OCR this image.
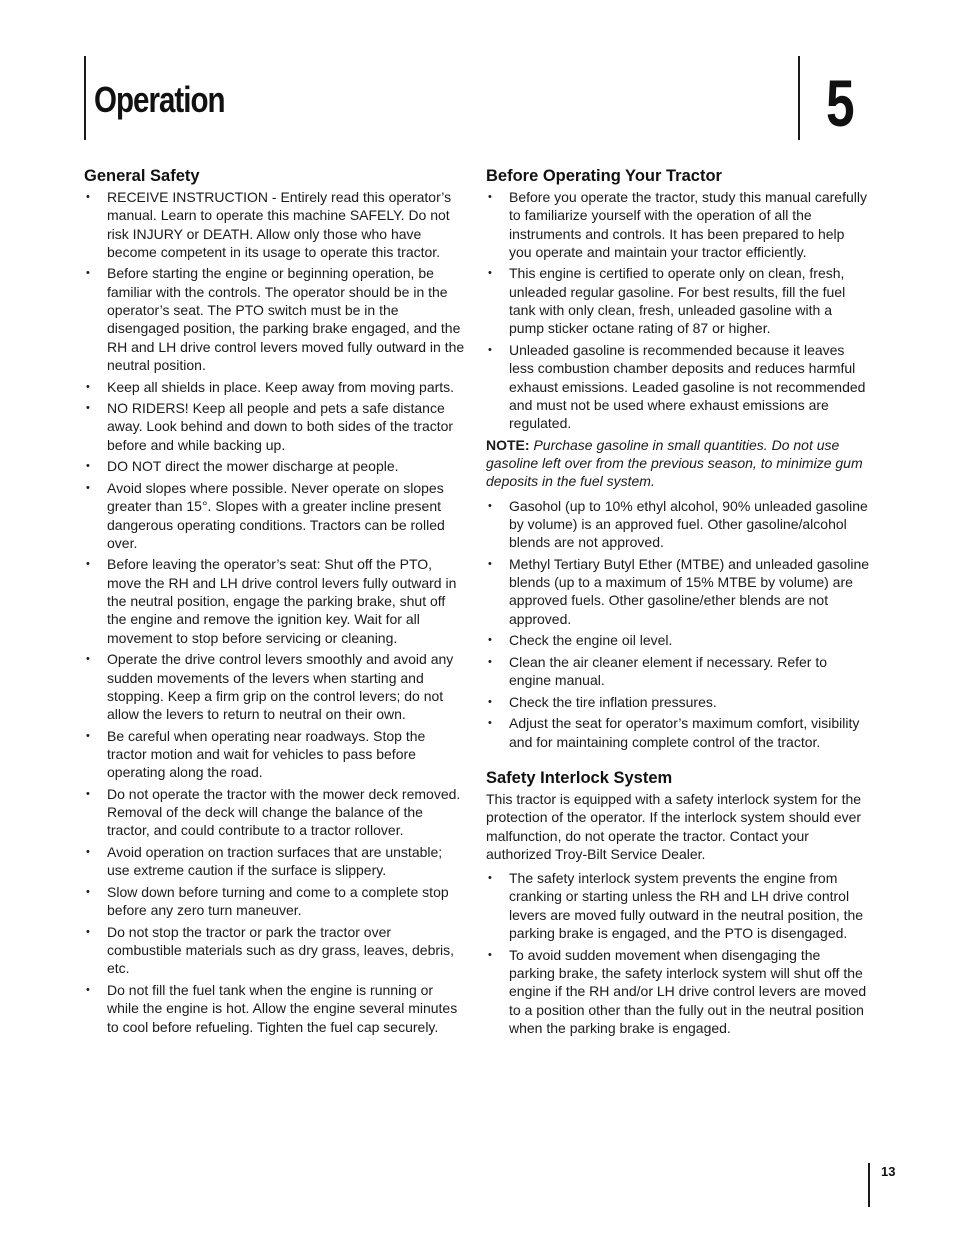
Operation	5
General Safety
• RECEIVE INSTRUCTION - Entirely read this operator’s manual. Learn to operate this machine SAFELY. Do not risk INJURY or DEATH. Allow only those who have become competent in its usage to operate this tractor.
• Before starting the engine or beginning operation, be familiar with the controls. The operator should be in the operator’s seat. The PTO switch must be in the disengaged position, the parking brake engaged, and the RH and LH drive control levers moved fully outward in the neutral position.
• Keep all shields in place. Keep away from moving parts.
• NO RIDERS! Keep all people and pets a safe distance away. Look behind and down to both sides of the tractor before and while backing up.
• DO NOT direct the mower discharge at people.
• Avoid slopes where possible. Never operate on slopes greater than 15°. Slopes with a greater incline present dangerous operating conditions. Tractors can be rolled over.
• Before leaving the operator’s seat: Shut off the PTO, move the RH and LH drive control levers fully outward in the neutral position, engage the parking brake, shut off the engine and remove the ignition key. Wait for all movement to stop before servicing or cleaning.
• Operate the drive control levers smoothly and avoid any sudden movements of the levers when starting and stopping. Keep a firm grip on the control levers; do not allow the levers to return to neutral on their own.
• Be careful when operating near roadways. Stop the tractor motion and wait for vehicles to pass before operating along the road.
• Do not operate the tractor with the mower deck removed. Removal of the deck will change the balance of the tractor, and could contribute to a tractor rollover.
• Avoid operation on traction surfaces that are unstable; use extreme caution if the surface is slippery.
• Slow down before turning and come to a complete stop before any zero turn maneuver.
• Do not stop the tractor or park the tractor over combustible materials such as dry grass, leaves, debris, etc.
• Do not fill the fuel tank when the engine is running or while the engine is hot. Allow the engine several minutes to cool before refueling. Tighten the fuel cap securely.
Before Operating Your Tractor
• Before you operate the tractor, study this manual carefully to familiarize yourself with the operation of all the instruments and controls. It has been prepared to help you operate and maintain your tractor efficiently.
• This engine is certified to operate only on clean, fresh, unleaded regular gasoline. For best results, fill the fuel tank with only clean, fresh, unleaded gasoline with a pump sticker octane rating of 87 or higher.
• Unleaded gasoline is recommended because it leaves less combustion chamber deposits and reduces harmful exhaust emissions. Leaded gasoline is not recommended and must not be used where exhaust emissions are regulated.

NOTE: Purchase gasoline in small quantities. Do not use gasoline left over from the previous season, to minimize gum deposits in the fuel system.

• Gasohol (up to 10% ethyl alcohol, 90% unleaded gasoline by volume) is an approved fuel. Other gasoline/alcohol blends are not approved.
• Methyl Tertiary Butyl Ether (MTBE) and unleaded gasoline blends (up to a maximum of 15% MTBE by volume) are approved fuels. Other gasoline/ether blends are not approved.
• Check the engine oil level.
• Clean the air cleaner element if necessary. Refer to engine manual.
• Check the tire inflation pressures.
• Adjust the seat for operator’s maximum comfort, visibility and for maintaining complete control of the tractor.
Safety Interlock System

This tractor is equipped with a safety interlock system for the protection of the operator. If the interlock system should ever malfunction, do not operate the tractor. Contact your authorized Troy-Bilt Service Dealer.

• The safety interlock system prevents the engine from cranking or starting unless the RH and LH drive control levers are moved fully outward in the neutral position, the parking brake is engaged, and the PTO is disengaged.
• To avoid sudden movement when disengaging the parking brake, the safety interlock system will shut off the engine if the RH and/or LH drive control levers are moved to a position other than the fully out in the neutral position when the parking brake is engaged.
13
